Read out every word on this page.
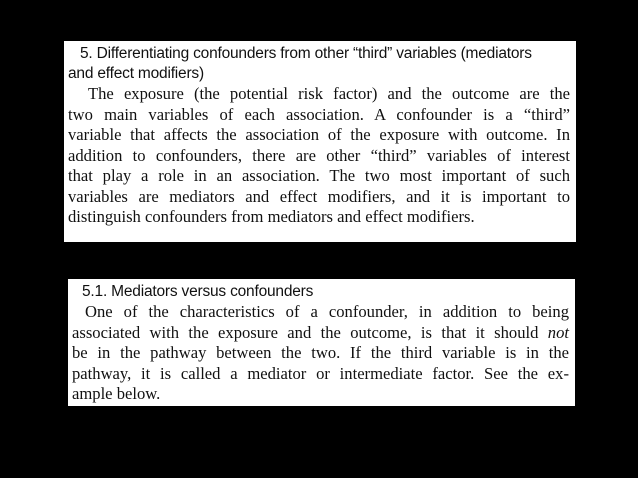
5. Differentiating confounders from other “third” variables (mediators
and effect modifiers)

The exposure (the potential risk factor) and the outcome are the
two main variables of each association. A confounder is a “third”
variable that affects the association of the exposure with outcome. In
addition to confounders, there are other “third” variables of interest
that play a role in an association. The two most important of such
variables are mediators and effect modifiers, and it is important to
distinguish confounders from mediators and effect modifiers.

5.1. Mediators versus confounders

One of the characteristics of a confounder, in addition to being
associated with the exposure and the outcome, is that it should not
be in the pathway between the two. If the third variable is in the
pathway, it is called a mediator or intermediate factor. See the ex-
ample below.
